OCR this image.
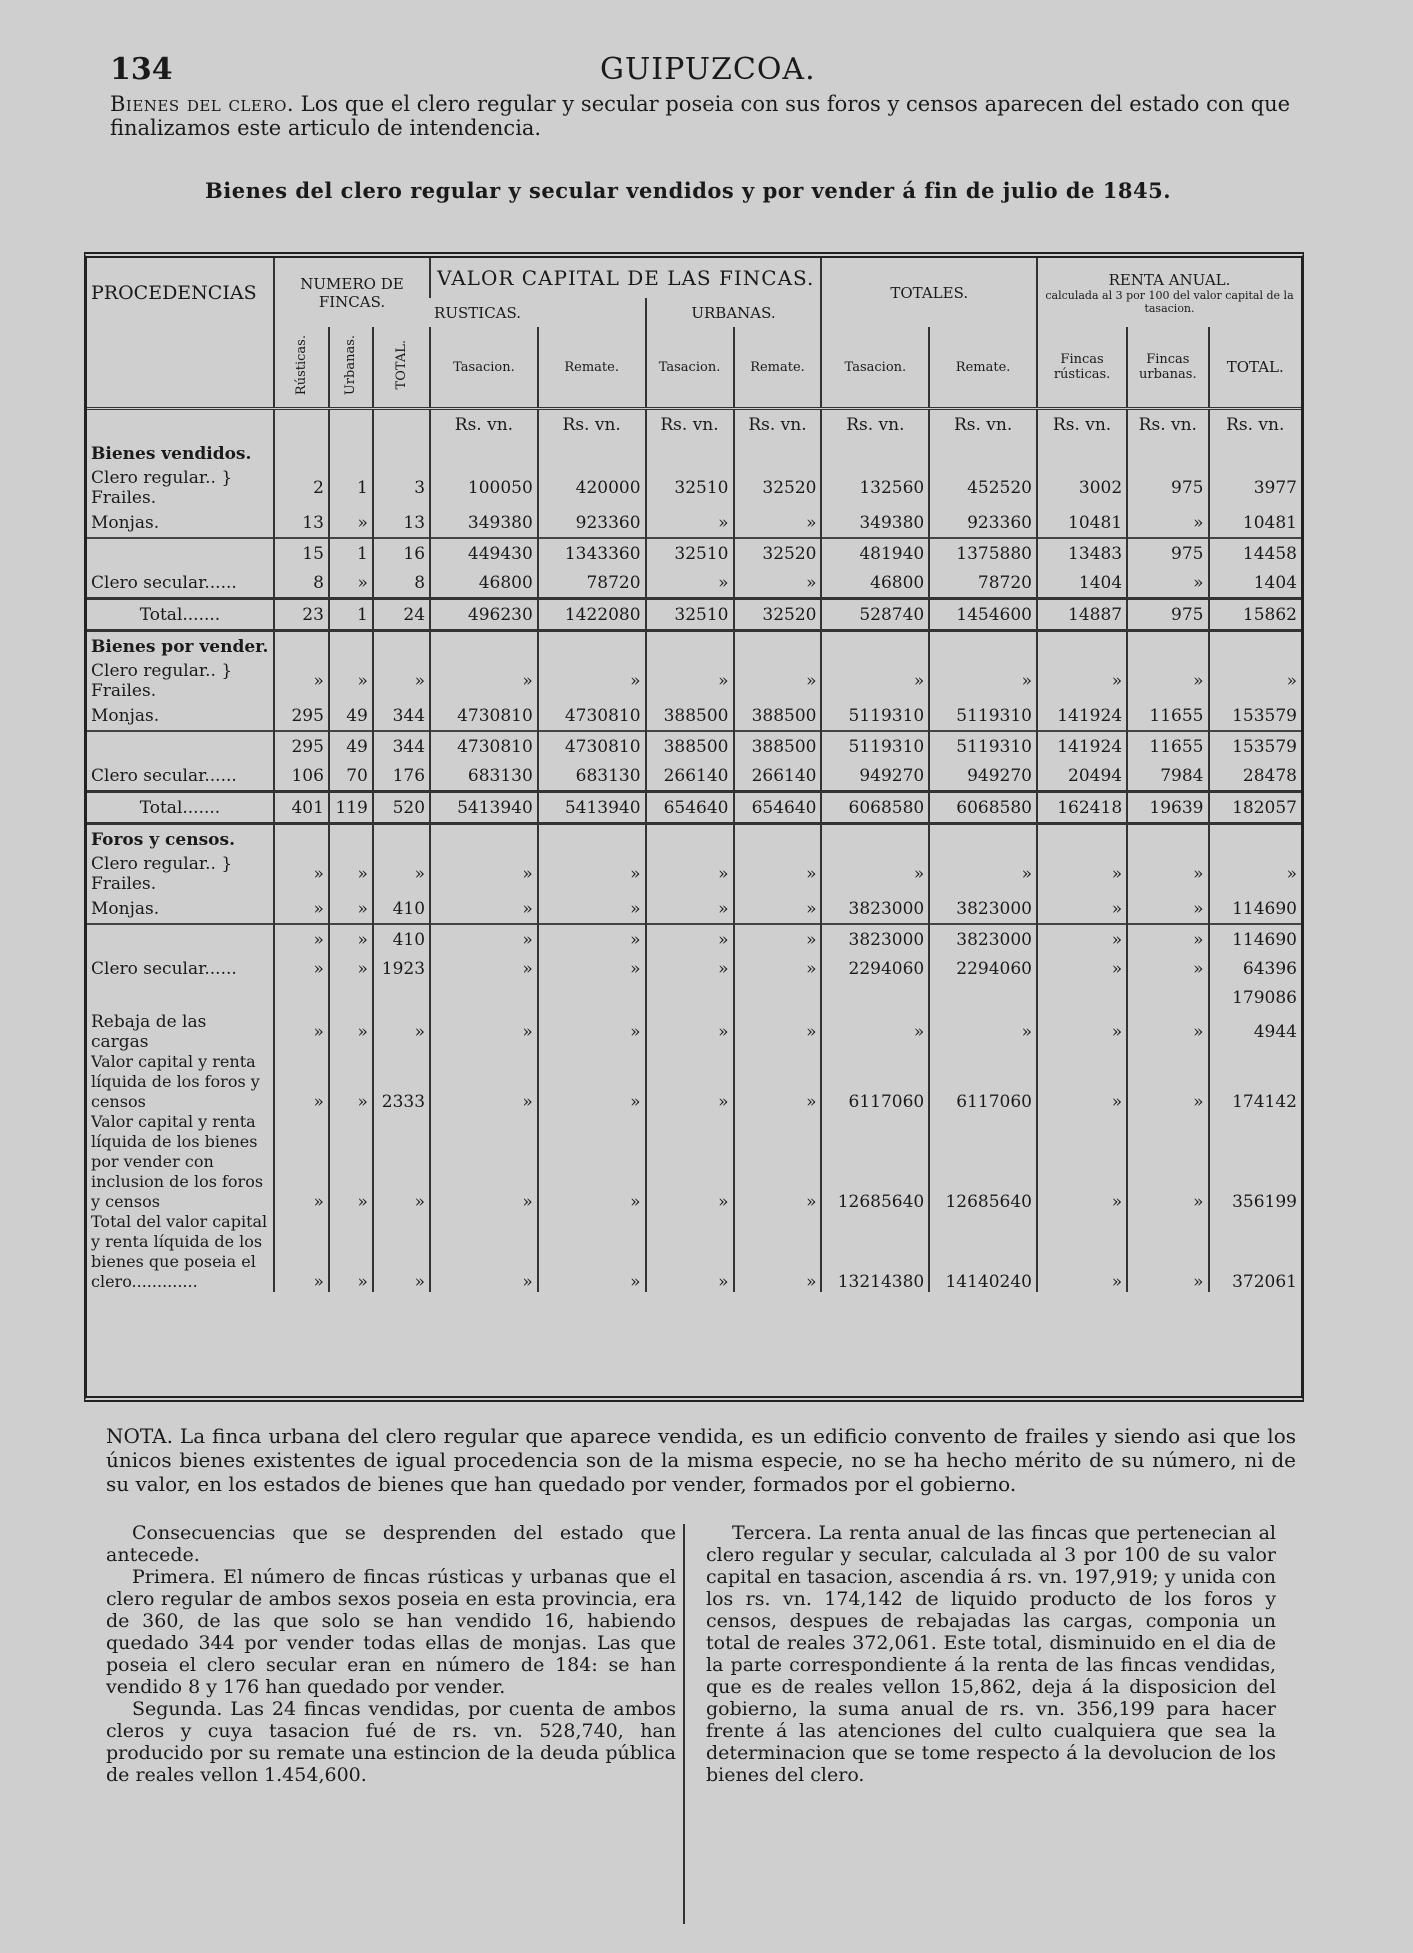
134	GUIPUZCOA.
Bienes del clero. Los que el clero regular y secular poseia con sus foros y censos aparecen del estado con que finalizamos este articulo de intendencia.
Bienes del clero regular y secular vendidos y por vender á fin de julio de 1845.
PROCEDENCIAS	NUMERO DE FINCAS.			VALOR CAPITAL DE LAS FINCAS.				TOTALES.		RENTA ANUAL.
calculada al 3 por 100 del valor capital de la tasacion.		

				RUSTICAS.		URBANAS.						
	Rústicas.	Urbanas.	TOTAL.	Tasacion.	Remate.	Tasacion.	Remate.	Tasacion.	Remate.	Fincas rústicas.	Fincas urbanas.	TOTAL.
				Rs. vn.	Rs. vn.	Rs. vn.	Rs. vn.	Rs. vn.	Rs. vn.	Rs. vn.	Rs. vn.	Rs. vn.
Bienes vendidos.												
Clero regular.. } Frailes.	2	1	3	100050	420000	32510	32520	132560	452520	3002	975	3977
Monjas.	13	»	13	349380	923360	»	»	349380	923360	10481	»	10481
	15	1	16	449430	1343360	32510	32520	481940	1375880	13483	975	14458
Clero secular......	8	»	8	46800	78720	»	»	46800	78720	1404	»	1404
Total.......	23	1	24	496230	1422080	32510	32520	528740	1454600	14887	975	15862
Bienes por vender.												
Clero regular.. } Frailes.	»	»	»	»	»	»	»	»	»	»	»	»
Monjas.	295	49	344	4730810	4730810	388500	388500	5119310	5119310	141924	11655	153579
	295	49	344	4730810	4730810	388500	388500	5119310	5119310	141924	11655	153579
Clero secular......	106	70	176	683130	683130	266140	266140	949270	949270	20494	7984	28478
Total.......	401	119	520	5413940	5413940	654640	654640	6068580	6068580	162418	19639	182057
Foros y censos.												
Clero regular.. } Frailes.	»	»	»	»	»	»	»	»	»	»	»	»
Monjas.	»	»	410	»	»	»	»	3823000	3823000	»	»	114690
	»	»	410	»	»	»	»	3823000	3823000	»	»	114690
Clero secular......	»	»	1923	»	»	»	»	2294060	2294060	»	»	64396
												179086
Rebaja de las cargas	»	»	»	»	»	»	»	»	»	»	»	4944
Valor capital y renta líquida de los foros y censos	»	»	2333	»	»	»	»	6117060	6117060	»	»	174142
Valor capital y renta líquida de los bienes por vender con inclusion de los foros y censos	»	»	»	»	»	»	»	12685640	12685640	»	»	356199
Total del valor capital y renta líquida de los bienes que poseia el clero.............	»	»	»	»	»	»	»	13214380	14140240	»	»	372061
NOTA. La finca urbana del clero regular que aparece vendida, es un edificio convento de frailes y siendo asi que los únicos bienes existentes de igual procedencia son de la misma especie, no se ha hecho mérito de su número, ni de su valor, en los estados de bienes que han quedado por vender, formados por el gobierno.

Consecuencias que se desprenden del estado que antecede.

Primera. El número de fincas rústicas y urbanas que el clero regular de ambos sexos poseia en esta provincia, era de 360, de las que solo se han vendido 16, habiendo quedado 344 por vender todas ellas de monjas. Las que poseia el clero secular eran en número de 184: se han vendido 8 y 176 han quedado por vender.

Segunda. Las 24 fincas vendidas, por cuenta de ambos cleros y cuya tasacion fué de rs. vn. 528,740, han producido por su remate una estincion de la deuda pública de reales vellon 1.454,600.

Tercera. La renta anual de las fincas que pertenecian al clero regular y secular, calculada al 3 por 100 de su valor capital en tasacion, ascendia á rs. vn. 197,919; y unida con los rs. vn. 174,142 de liquido producto de los foros y censos, despues de rebajadas las cargas, componia un total de reales 372,061. Este total, disminuido en el dia de la parte correspondiente á la renta de las fincas vendidas, que es de reales vellon 15,862, deja á la disposicion del gobierno, la suma anual de rs. vn. 356,199 para hacer frente á las atenciones del culto cualquiera que sea la determinacion que se tome respecto á la devolucion de los bienes del clero.
